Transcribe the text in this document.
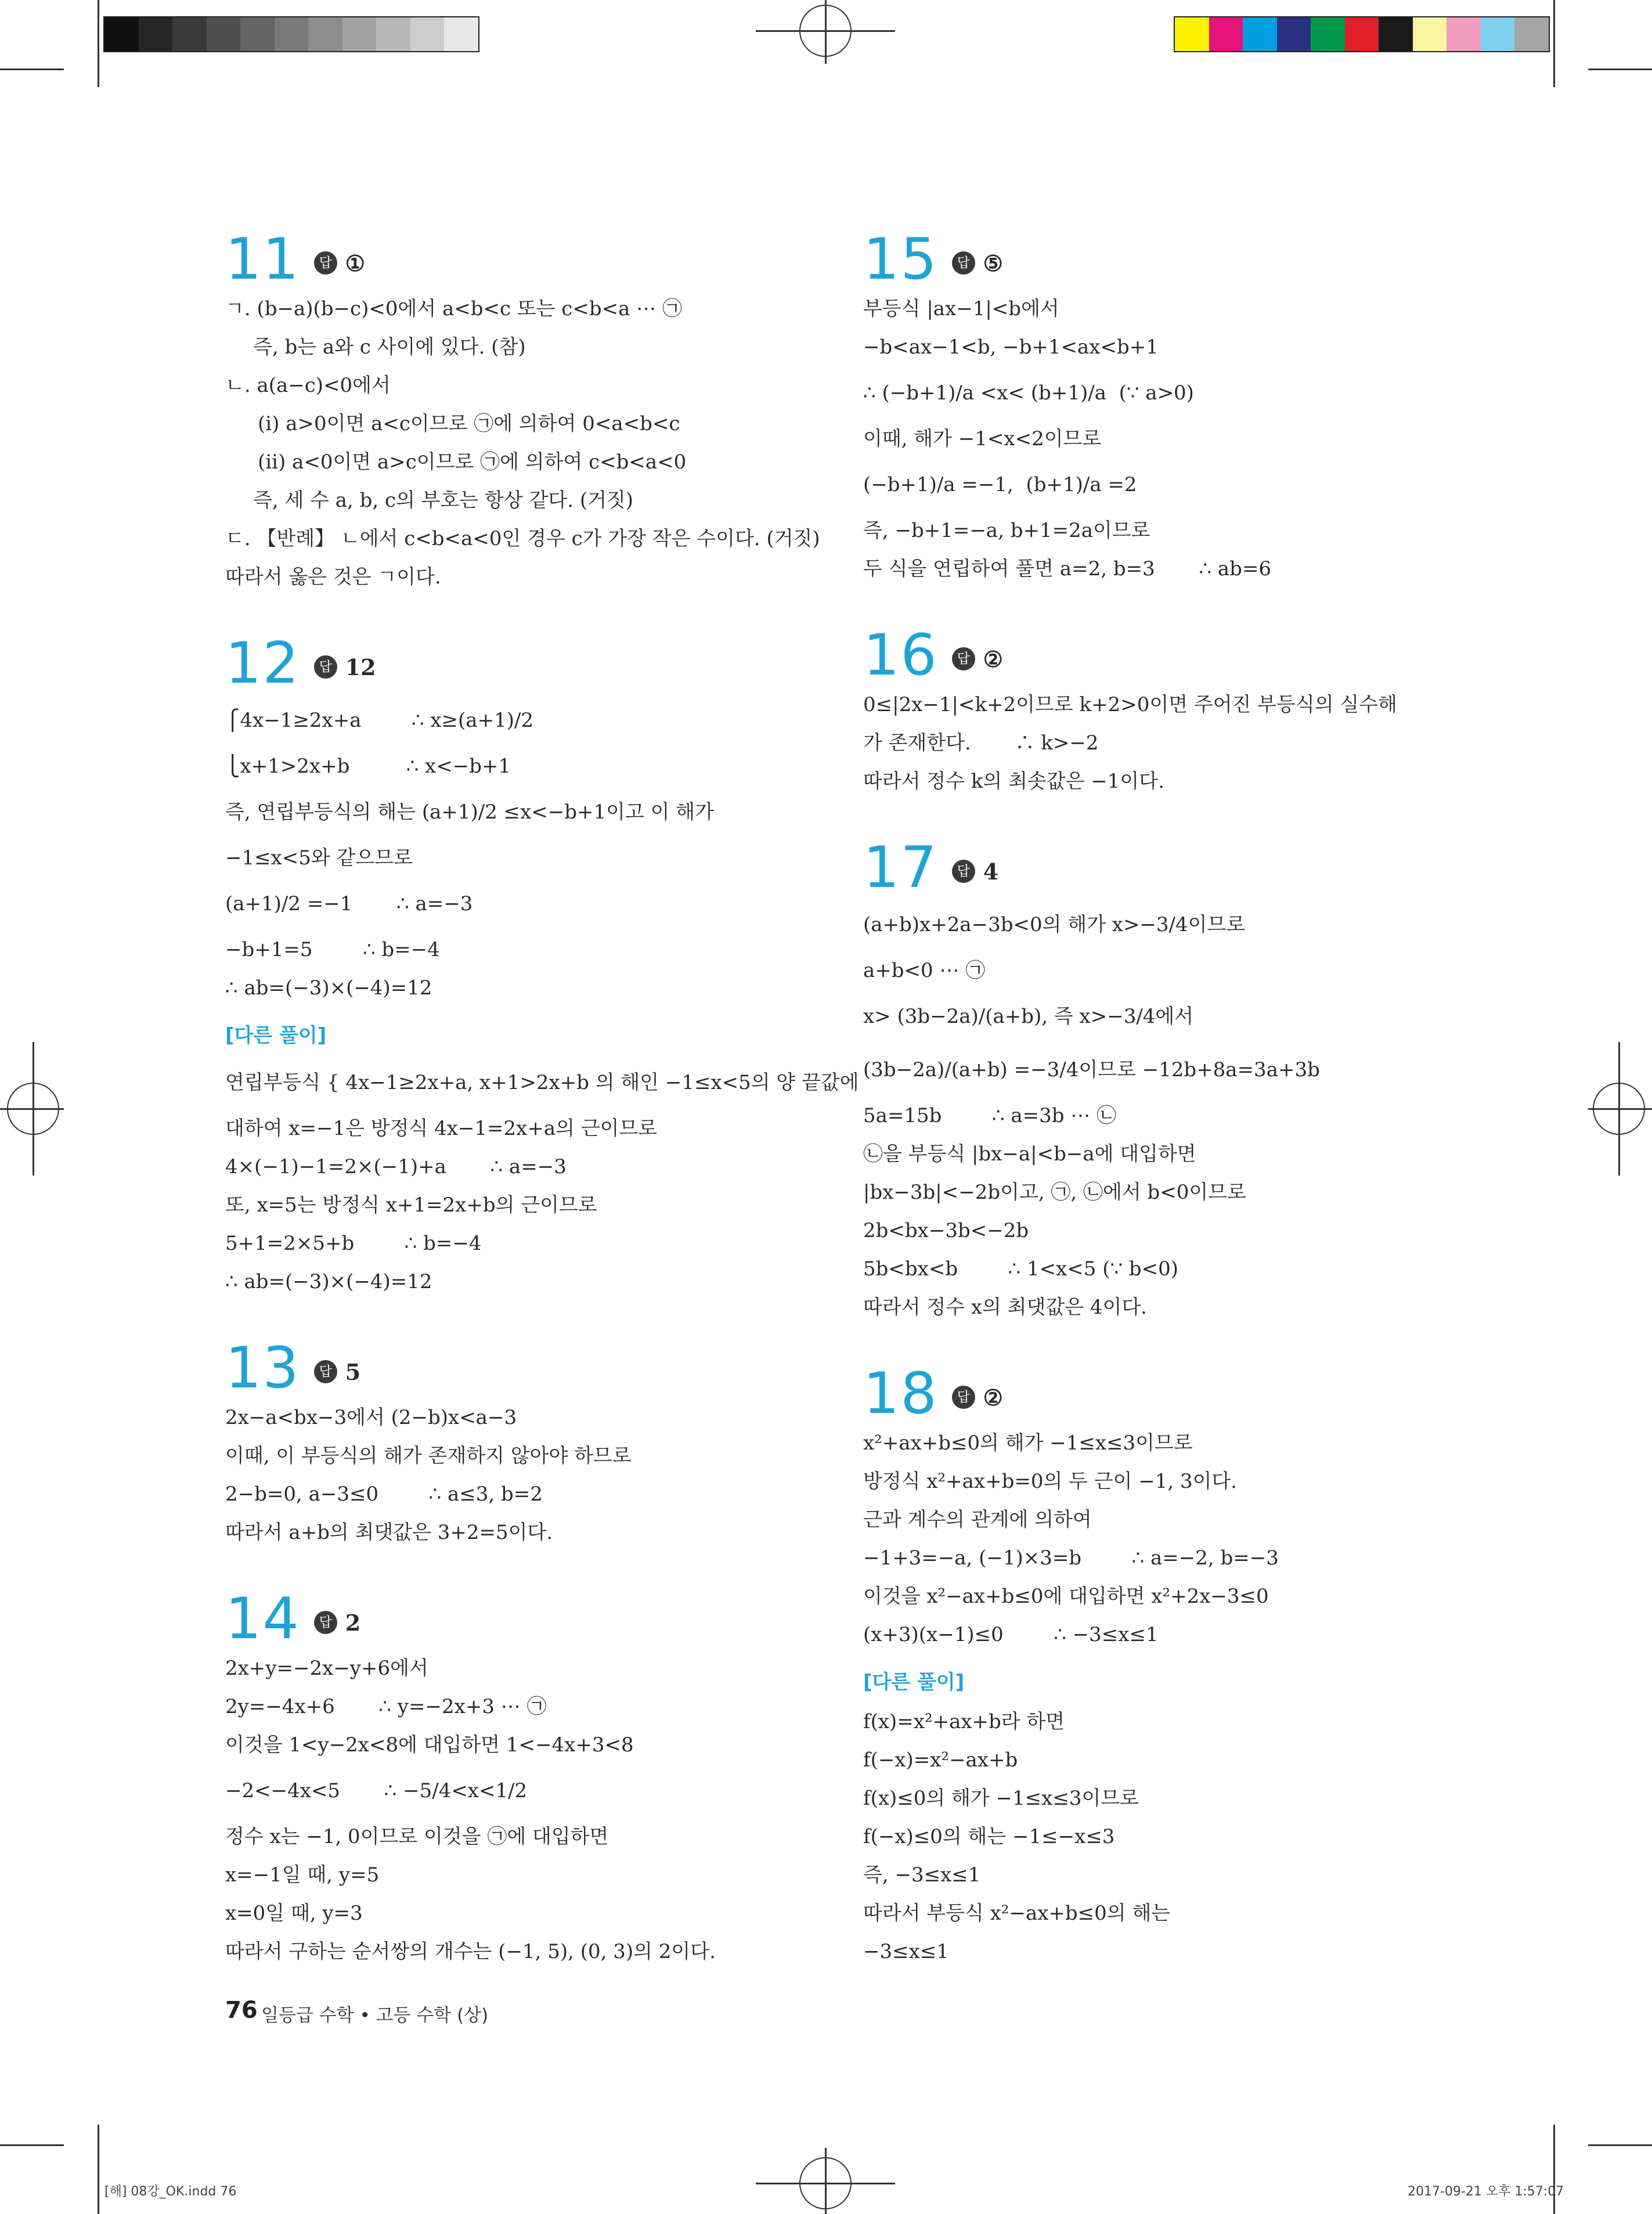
11	답 ①
ㄱ. (b−a)(b−c)<0에서 a<b<c 또는 c<b<a ⋯ ㉠
즉, b는 a와 c 사이에 있다. (참)
ㄴ. a(a−c)<0에서
(ⅰ) a>0이면 a<c이므로 ㉠에 의하여 0<a<b<c
(ⅱ) a<0이면 a>c이므로 ㉠에 의하여 c<b<a<0
즉, 세 수 a, b, c의 부호는 항상 같다. (거짓)
ㄷ. 【반례】 ㄴ에서 c<b<a<0인 경우 c가 가장 작은 수이다. (거짓)
따라서 옳은 것은 ㄱ이다.
12	답 12
⎧4x−1≥2x+a        ∴ x≥(a+1)/2
⎩x+1>2x+b         ∴ x<−b+1
즉, 연립부등식의 해는 (a+1)/2 ≤x<−b+1이고 이 해가
−1≤x<5와 같으므로
(a+1)/2 =−1       ∴ a=−3
−b+1=5        ∴ b=−4
∴ ab=(−3)×(−4)=12
[다른 풀이]
연립부등식 { 4x−1≥2x+a, x+1>2x+b 의 해인 −1≤x<5의 양 끝값에
대하여 x=−1은 방정식 4x−1=2x+a의 근이므로
4×(−1)−1=2×(−1)+a       ∴ a=−3
또, x=5는 방정식 x+1=2x+b의 근이므로
5+1=2×5+b        ∴ b=−4
∴ ab=(−3)×(−4)=12
13	답 5
2x−a<bx−3에서 (2−b)x<a−3
이때, 이 부등식의 해가 존재하지 않아야 하므로
2−b=0, a−3≤0        ∴ a≤3, b=2
따라서 a+b의 최댓값은 3+2=5이다.
14	답 2
2x+y=−2x−y+6에서
2y=−4x+6       ∴ y=−2x+3 ⋯ ㉠
이것을 1<y−2x<8에 대입하면 1<−4x+3<8
−2<−4x<5       ∴ −5/4<x<1/2
정수 x는 −1, 0이므로 이것을 ㉠에 대입하면
x=−1일 때, y=5
x=0일 때, y=3
따라서 구하는 순서쌍의 개수는 (−1, 5), (0, 3)의 2이다.
15	답 ⑤
부등식 |ax−1|<b에서
−b<ax−1<b, −b+1<ax<b+1
∴ (−b+1)/a <x< (b+1)/a  (∵ a>0)
이때, 해가 −1<x<2이므로
(−b+1)/a =−1,  (b+1)/a =2
즉, −b+1=−a, b+1=2a이므로
두 식을 연립하여 풀면 a=2, b=3       ∴ ab=6
16	답 ②
0≤|2x−1|<k+2이므로 k+2>0이면 주어진 부등식의 실수해
가 존재한다.       ∴ k>−2
따라서 정수 k의 최솟값은 −1이다.
17	답 4
(a+b)x+2a−3b<0의 해가 x>−3/4이므로
a+b<0 ⋯ ㉠
x> (3b−2a)/(a+b), 즉 x>−3/4에서
(3b−2a)/(a+b) =−3/4이므로 −12b+8a=3a+3b
5a=15b        ∴ a=3b ⋯ ㉡
㉡을 부등식 |bx−a|<b−a에 대입하면
|bx−3b|<−2b이고, ㉠, ㉡에서 b<0이므로
2b<bx−3b<−2b
5b<bx<b        ∴ 1<x<5 (∵ b<0)
따라서 정수 x의 최댓값은 4이다.
18	답 ②
x²+ax+b≤0의 해가 −1≤x≤3이므로
방정식 x²+ax+b=0의 두 근이 −1, 3이다.
근과 계수의 관계에 의하여
−1+3=−a, (−1)×3=b        ∴ a=−2, b=−3
이것을 x²−ax+b≤0에 대입하면 x²+2x−3≤0
(x+3)(x−1)≤0        ∴ −3≤x≤1
[다른 풀이]
f(x)=x²+ax+b라 하면
f(−x)=x²−ax+b
f(x)≤0의 해가 −1≤x≤3이므로
f(−x)≤0의 해는 −1≤−x≤3
즉, −3≤x≤1
따라서 부등식 x²−ax+b≤0의 해는
−3≤x≤1
76 일등급 수학 • 고등 수학 (상)
[해] 08강_OK.indd 76	2017-09-21 오후 1:57:07
